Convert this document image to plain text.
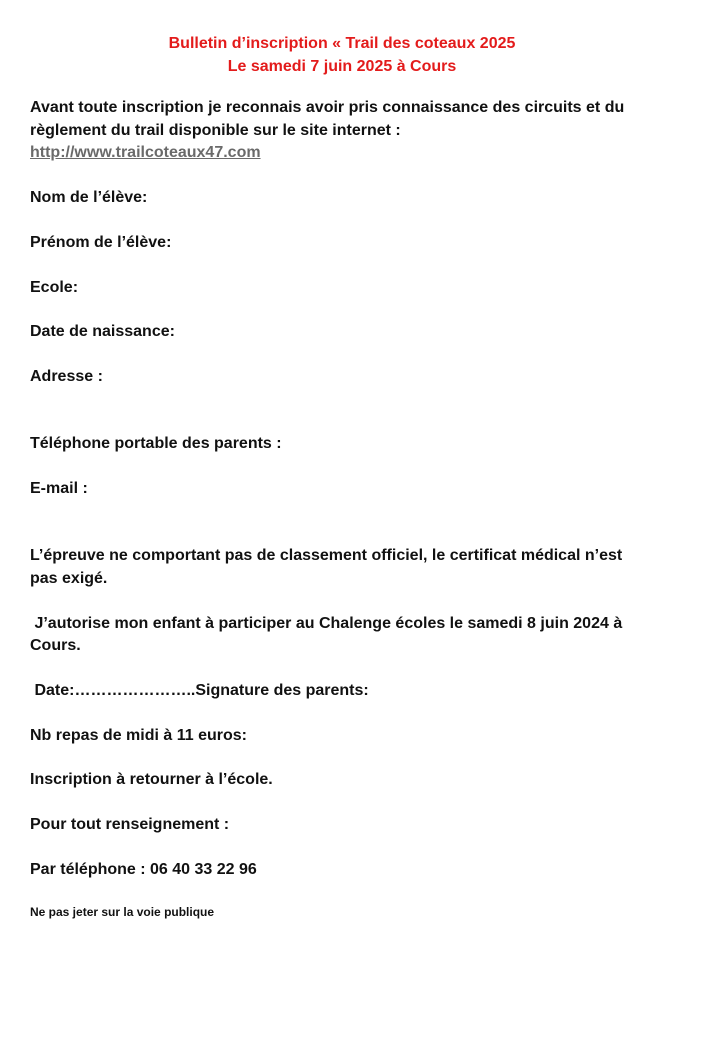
Bulletin d’inscription « Trail des coteaux 2025
Le samedi 7 juin 2025 à Cours
Avant toute inscription je reconnais avoir pris connaissance des circuits et du
règlement du trail disponible sur le site internet :
http://www.trailcoteaux47.com
Nom de l’élève:
Prénom de l’élève:
Ecole:
Date de naissance:
Adresse :
Téléphone portable des parents :
E-mail :
L’épreuve ne comportant pas de classement officiel, le certificat médical n’est
pas exigé.
J’autorise mon enfant à participer au Chalenge écoles le samedi 8 juin 2024 à
Cours.
Date:…………………..Signature des parents:
Nb repas de midi à 11 euros:
Inscription à retourner à l’école.
Pour tout renseignement :
Par téléphone : 06 40 33 22 96
Ne pas jeter sur la voie publique
